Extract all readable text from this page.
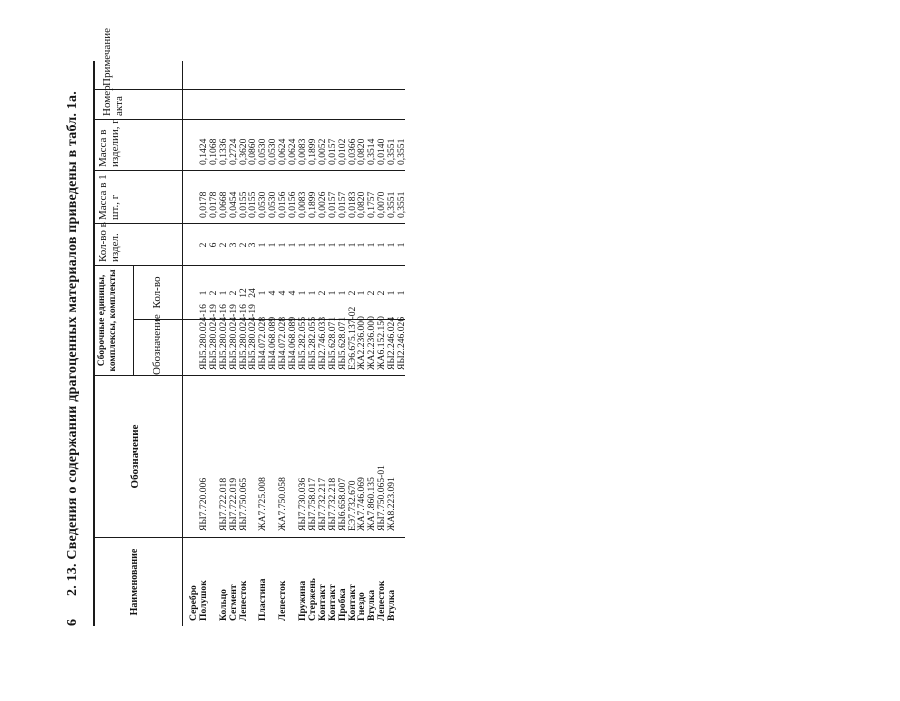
6
2. 13. Сведения о содержании драгоценных материалов приведены в табл. 1а.	Наименование
Обозначение
Сборочные единицы, комплексы, комплекты	Обозначение
Кол-во
Кол-во в издел.
Масса в 1 шт., г
Масса в изделии, г
Номер акта
Примечание
Серебро
Полушок

Кольцо
Сегмент
Лепесток

Пластина

Лепесток

Пружина
Стержень
Контакт
Контакт
Пробка
Контакт
Гнездо
Втулка
Лепесток
Втулка

ЯЫ7.720.006

ЯЫ7.722.018
ЯЫ7.722.019
ЯЫ7.750.065

ЖА7.725.008

ЖА7.750.058

ЯЫ7.730.036
ЯЫ7.758.017
ЯЫ7.732.217
ЯЫ7.732.218
ЯЫ6.658.007
ЕЭ7.732.670
ЖА7.746.069
ЖА7.860.135
ЯЫ7.750.065-01
ЖА8.223.091

ЯЫ5.280.024-16
ЯЫ5.280.024-19
ЯЫ5.280.024-16
ЯЫ5.280.024-19
ЯЫ5.280.024-16
ЯЫ5.280.024-19
ЯЫ4.072.028
ЯЫ4.068.089
ЯЫ4.072.028
ЯЫ4.068.089
ЯЫ5.282.055
ЯЫ5.282.055
ЯЫ2.746.033
ЯЫ5.628.071
ЯЫ5.628.071
ЕЭ6.675.137-02
ЖА2.236.000
ЖА2.236.000
ЖА6.152.150
ЯЫ2.246.024
ЯЫ2.246.026

1
2
1
2
12
24
1
4
4
4
1
1
2
1
1
2
1
2
2
1
1

2
6
2
3
2
3
1
1
1
1
1
1
1
1
1
1
1
1
1
1
1

0,0178
0,0178
0,0668
0,0454
0,0155
0,0155
0,0530
0,0530
0,0156
0,0156
0,0083
0,1899
0,0026
0,0157
0,0157
0,0183
0,0820
0,1757
0,0070
0,3551
0,3551

0,1424
0,1068
0,1336
0,2724
0,3620
0,0860
0,0530
0,0530
0,0624
0,0624
0,0083
0,1899
0,0052
0,0157
0,0102
0,0366
0,0820
0,3514
0,0140
0,3551
0,3551
